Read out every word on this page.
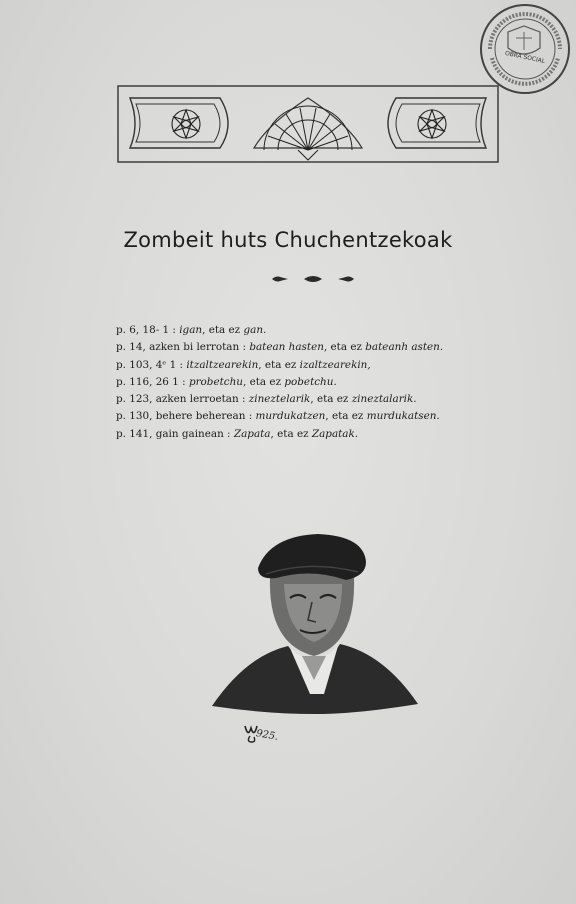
OBRA SOCIAL
Zombeit huts Chuchentzekoak
p. 6, 18- 1 : igan, eta ez gan.
p. 14, azken bi lerrotan : batean hasten, eta ez bateanh asten.
p. 103, 4ᵉ 1 : itzaltzearekin, eta ez izaltzearekin,
p. 116, 26 1 : probetchu, eta ez pobetchu.
p. 123, azken lerroetan : zineztelarik, eta ez zineztalarik.
p. 130, behere beherean : murdukatzen, eta ez murdukatsen.
p. 141, gain gainean : Zapata, eta ez Zapatak.
925.
